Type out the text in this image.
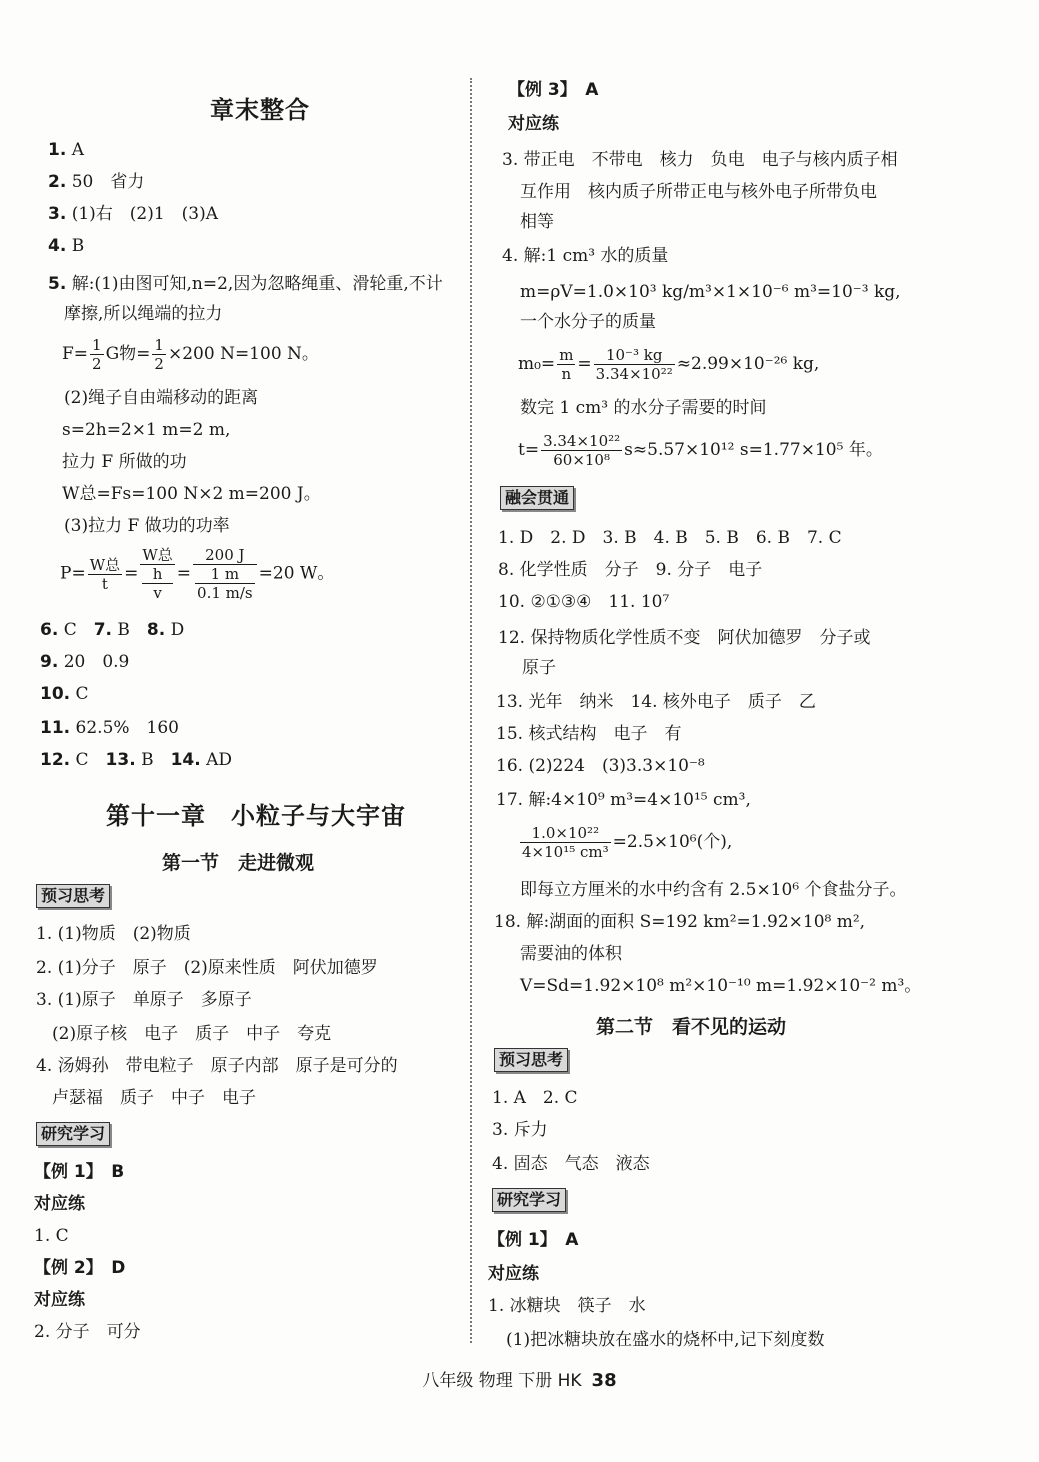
章末整合
1. A
2. 50　省力
3. (1)右　(2)1　(3)A
4. B
5. 解:(1)由图可知,n=2,因为忽略绳重、滑轮重,不计
摩擦,所以绳端的拉力
$F= \frac{1}{2}$ G物= $\frac{1}{2} \times 200$ N=100 N。
(2)绳子自由端移动的距离
s=2h=2×1 m=2 m,
拉力 F 所做的功
W总=Fs=100 N×2 m=200 J。
(3)拉力 F 做功的功率
$P= \frac{\text{W总}}{t} = W$总
h
v = 200 J
1 m
0.1 m/s =20 W。
6. C　7. B　8. D
9. 20　0.9
10. C
11. 62.5%　160
12. C　13. B　14. AD
第十一章　小粒子与大宇宙
第一节　走进微观
预习思考
1. (1)物质　(2)物质
2. (1)分子　原子　(2)原来性质　阿伏加德罗
3. (1)原子　单原子　多原子
(2)原子核　电子　质子　中子　夸克
4. 汤姆孙　带电粒子　原子内部　原子是可分的
卢瑟福　质子　中子　电子
研究学习
【例 1】　B
对应练
1. C
【例 2】　D
对应练
2. 分子　可分
【例 3】　A
对应练
3. 带正电　不带电　核力　负电　电子与核内质子相
互作用　核内质子所带正电与核外电子所带负电
相等
4. 解:1 cm³ 水的质量
m=ρV=1.0×10³ kg/m³×1×10⁻⁶ m³=10⁻³ kg,
一个水分子的质量
$m_0= \frac{m}{n} = \frac{\text{10⁻³ kg}}{\text{3.34×10²²}} \approx 2.99\times 10^{-26}$ kg,
数完 1 cm³ 的水分子需要的时间
$t= \frac{\text{3.34×10²²}}{\text{60×10⁸}} s\approx 5.57\times 10^{12}$ s=1.77×10⁵ 年。
融会贯通
1. D　2. D　3. B　4. B　5. B　6. B　7. C
8. 化学性质　分子　9. 分子　电子
10. ②①③④　11. 10⁷
12. 保持物质化学性质不变　阿伏加德罗　分子或
原子
13. 光年　纳米　14. 核外电子　质子　乙
15. 核式结构　电子　有
16. (2)224　(3)3.3×10⁻⁸
17. 解:4×10⁹ m³=4×10¹⁵ cm³,
$\frac{\text{1.0×10²²}}{\text{4×10¹⁵ cm³}} =2.5\times 10^6$(个),
即每立方厘米的水中约含有 2.5×10⁶ 个食盐分子。
18. 解:湖面的面积 S=192 km²=1.92×10⁸ m²,
需要油的体积
V=Sd=1.92×10⁸ m²×10⁻¹⁰ m=1.92×10⁻² m³。
第二节　看不见的运动
预习思考
1. A　2. C
3. 斥力
4. 固态　气态　液态
研究学习
【例 1】　A
对应练
1. 冰糖块　筷子　水
(1)把冰糖块放在盛水的烧杯中,记下刻度数
八年级 物理 下册 HK 38
